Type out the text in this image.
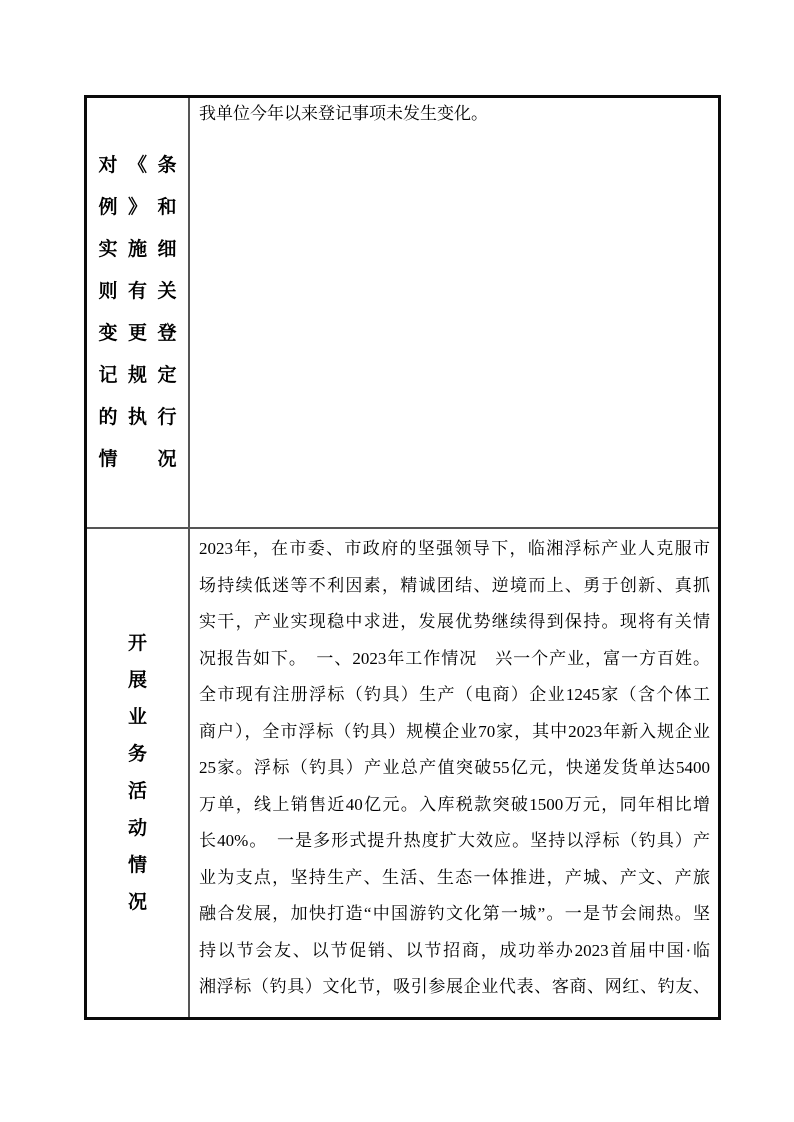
对《条
例》和
实施细
则有关
变更登
记规定
的执行
情况
我单位今年以来登记事项未发生变化。
开
展
业
务
活
动
情
况
2023年，在市委、市政府的坚强领导下，临湘浮标产业人克服市
场持续低迷等不利因素，精诚团结、逆境而上、勇于创新、真抓
实干，产业实现稳中求进，发展优势继续得到保持。现将有关情
况报告如下。　一、2023年工作情况　兴一个产业，富一方百姓。
全市现有注册浮标（钓具）生产（电商）企业1245家（含个体工
商户），全市浮标（钓具）规模企业70家，其中2023年新入规企业
25家。浮标（钓具）产业总产值突破55亿元，快递发货单达5400
万单，线上销售近40亿元。入库税款突破1500万元，同年相比增
长40%。　一是多形式提升热度扩大效应。坚持以浮标（钓具）产
业为支点，坚持生产、生活、生态一体推进，产城、产文、产旅
融合发展，加快打造“中国游钓文化第一城”。一是节会闹热。坚
持以节会友、以节促销、以节招商，成功举办2023首届中国·临
湘浮标（钓具）文化节，吸引参展企业代表、客商、网红、钓友、
